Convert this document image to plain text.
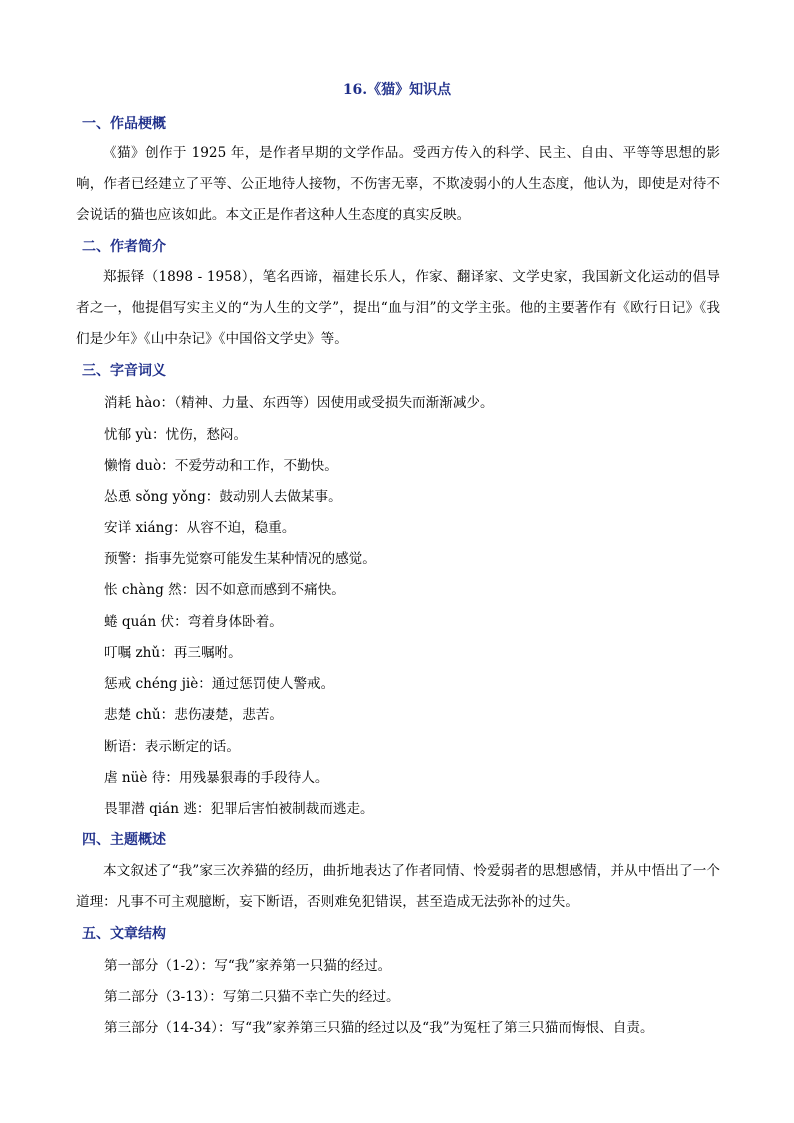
16.《猫》知识点
一、作品梗概
《猫》创作于 1925 年，是作者早期的文学作品。受西方传入的科学、民主、自由、平等等思想的影响，作者已经建立了平等、公正地待人接物，不伤害无辜，不欺凌弱小的人生态度，他认为，即使是对待不会说话的猫也应该如此。本文正是作者这种人生态度的真实反映。
二、作者简介
郑振铎（1898 - 1958），笔名西谛，福建长乐人，作家、翻译家、文学史家，我国新文化运动的倡导者之一，他提倡写实主义的“为人生的文学”，提出“血与泪”的文学主张。他的主要著作有《欧行日记》《我们是少年》《山中杂记》《中国俗文学史》等。
三、字音词义
消耗 hào：（精神、力量、东西等）因使用或受损失而渐渐减少。
忧郁 yù：忧伤，愁闷。
懒惰 duò：不爱劳动和工作，不勤快。
怂恿 sǒng yǒng：鼓动别人去做某事。
安详 xiáng：从容不迫，稳重。
预警：指事先觉察可能发生某种情况的感觉。
怅 chàng 然：因不如意而感到不痛快。
蜷 quán 伏：弯着身体卧着。
叮嘱 zhǔ：再三嘱咐。
惩戒 chéng jiè：通过惩罚使人警戒。
悲楚 chǔ：悲伤凄楚，悲苦。
断语：表示断定的话。
虐 nüè 待：用残暴狠毒的手段待人。
畏罪潜 qián 逃：犯罪后害怕被制裁而逃走。
四、主题概述
本文叙述了“我”家三次养猫的经历，曲折地表达了作者同情、怜爱弱者的思想感情，并从中悟出了一个道理：凡事不可主观臆断，妄下断语，否则难免犯错误，甚至造成无法弥补的过失。
五、文章结构
第一部分（1-2）：写“我”家养第一只猫的经过。
第二部分（3-13）：写第二只猫不幸亡失的经过。
第三部分（14-34）：写“我”家养第三只猫的经过以及“我”为冤枉了第三只猫而悔恨、自责。
